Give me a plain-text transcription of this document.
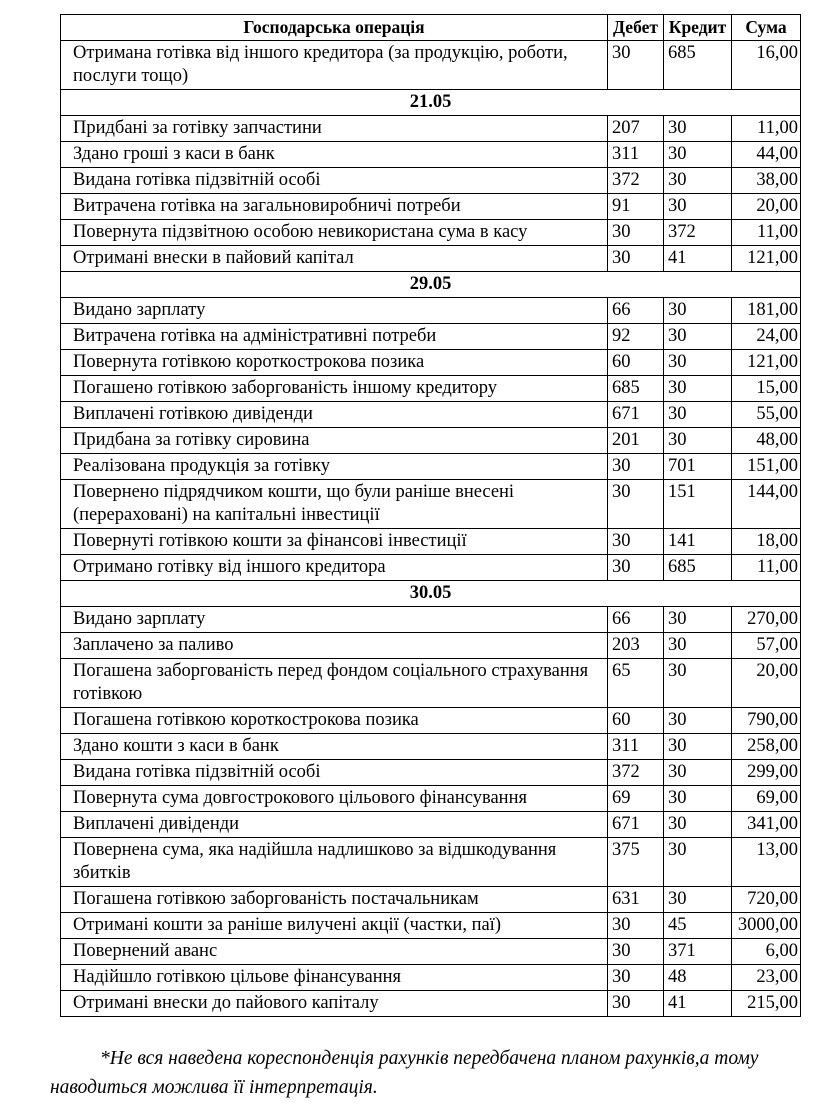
Господарська операція	Дебет	Кредит	Сума
Отримана готівка від іншого кредитора (за продукцію, роботи, послуги тощо)	30	685	16,00
21.05			
Придбані за готівку запчастини	207	30	11,00
Здано гроші з каси в банк	311	30	44,00
Видана готівка підзвітній особі	372	30	38,00
Витрачена готівка на загальновиробничі потреби	91	30	20,00
Повернута підзвітною особою невикористана сума в касу	30	372	11,00
Отримані внески в пайовий капітал	30	41	121,00
29.05			
Видано зарплату	66	30	181,00
Витрачена готівка на адміністративні потреби	92	30	24,00
Повернута готівкою короткострокова позика	60	30	121,00
Погашено готівкою заборгованість іншому кредитору	685	30	15,00
Виплачені готівкою дивіденди	671	30	55,00
Придбана за готівку сировина	201	30	48,00
Реалізована продукція за готівку	30	701	151,00
Повернено підрядчиком кошти, що були раніше внесені (перераховані) на капітальні інвестиції	30	151	144,00
Повернуті готівкою кошти за фінансові інвестиції	30	141	18,00
Отримано готівку від іншого кредитора	30	685	11,00
30.05			
Видано зарплату	66	30	270,00
Заплачено за паливо	203	30	57,00
Погашена заборгованість перед фондом соціального страхування готівкою	65	30	20,00
Погашена готівкою короткострокова позика	60	30	790,00
Здано кошти з каси в банк	311	30	258,00
Видана готівка підзвітній особі	372	30	299,00
Повернута сума довгострокового цільового фінансування	69	30	69,00
Виплачені дивіденди	671	30	341,00
Повернена сума, яка надійшла надлишково за відшкодування збитків	375	30	13,00
Погашена готівкою заборгованість постачальникам	631	30	720,00
Отримані кошти за раніше вилучені акції (частки, паї)	30	45	3000,00
Повернений аванс	30	371	6,00
Надійшло готівкою цільове фінансування	30	48	23,00
Отримані внески до пайового капіталу	30	41	215,00

*Не вся наведена кореспонденція рахунків передбачена планом рахунків,а тому наводиться можлива її інтерпретація.
